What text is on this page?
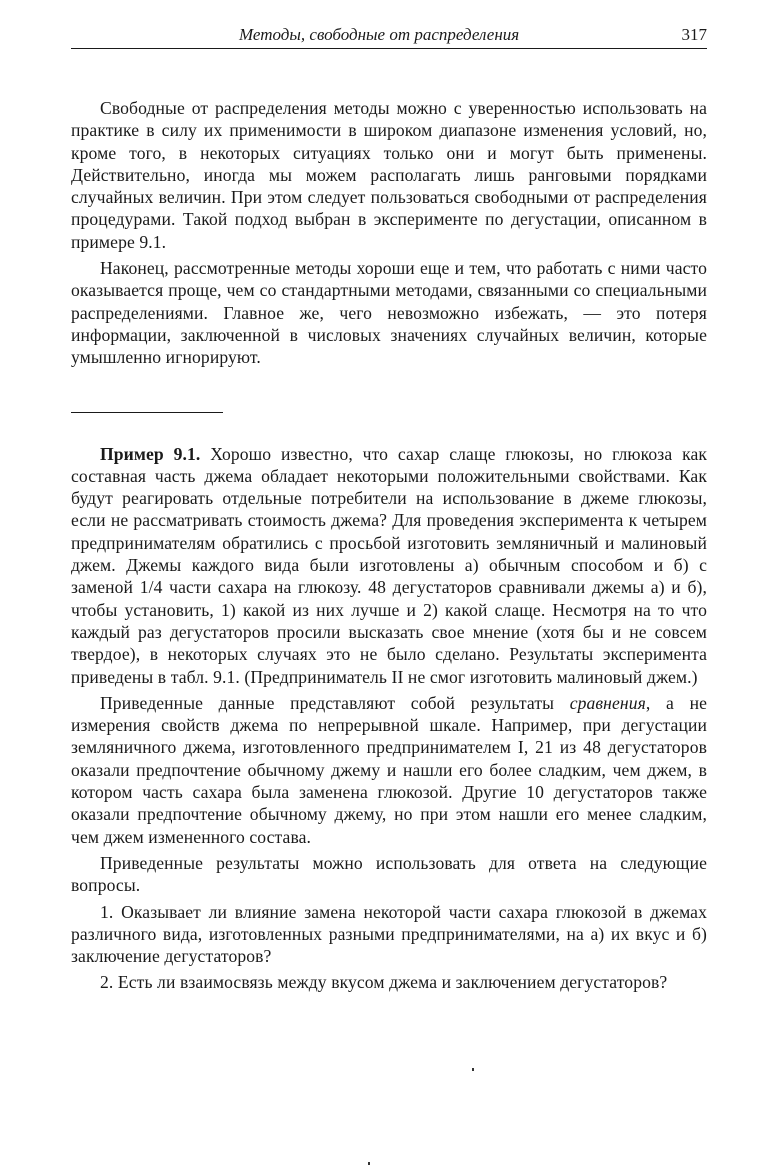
Методы, свободные от распределения	317

Свободные от распределения методы можно с уверенностью использовать на практике в силу их применимости в широком диапазоне изменения условий, но, кроме того, в некоторых ситуациях только они и могут быть применены. Действительно, иногда мы можем располагать лишь ранговыми порядками случайных величин. При этом следует пользоваться свободными от распределения процедурами. Такой подход выбран в эксперименте по дегустации, описанном в примере 9.1.

Наконец, рассмотренные методы хороши еще и тем, что работать с ними часто оказывается проще, чем со стандартными методами, связанными со специальными распределениями. Главное же, чего невозможно избежать, — это потеря информации, заключенной в числовых значениях случайных величин, которые умышленно игнорируют.

Пример 9.1. Хорошо известно, что сахар слаще глюкозы, но глюкоза как составная часть джема обладает некоторыми положительными свойствами. Как будут реагировать отдельные потребители на использование в джеме глюкозы, если не рассматривать стоимость джема? Для проведения эксперимента к четырем предпринимателям обратились с просьбой изготовить земляничный и малиновый джем. Джемы каждого вида были изготовлены а) обычным способом и б) с заменой 1/4 части сахара на глюкозу. 48 дегустаторов сравнивали джемы а) и б), чтобы установить, 1) какой из них лучше и 2) какой слаще. Несмотря на то что каждый раз дегустаторов просили высказать свое мнение (хотя бы и не совсем твердое), в некоторых случаях это не было сделано. Результаты эксперимента приведены в табл. 9.1. (Предприниматель II не смог изготовить малиновый джем.)

Приведенные данные представляют собой результаты сравнения, а не измерения свойств джема по непрерывной шкале. Например, при дегустации земляничного джема, изготовленного предпринимателем I, 21 из 48 дегустаторов оказали предпочтение обычному джему и нашли его более сладким, чем джем, в котором часть сахара была заменена глюкозой. Другие 10 дегустаторов также оказали предпочтение обычному джему, но при этом нашли его менее сладким, чем джем измененного состава.

Приведенные результаты можно использовать для ответа на следующие вопросы.

1. Оказывает ли влияние замена некоторой части сахара глюкозой в джемах различного вида, изготовленных разными предпринимателями, на а) их вкус и б) заключение дегустаторов?

2. Есть ли взаимосвязь между вкусом джема и заключением дегустаторов?
